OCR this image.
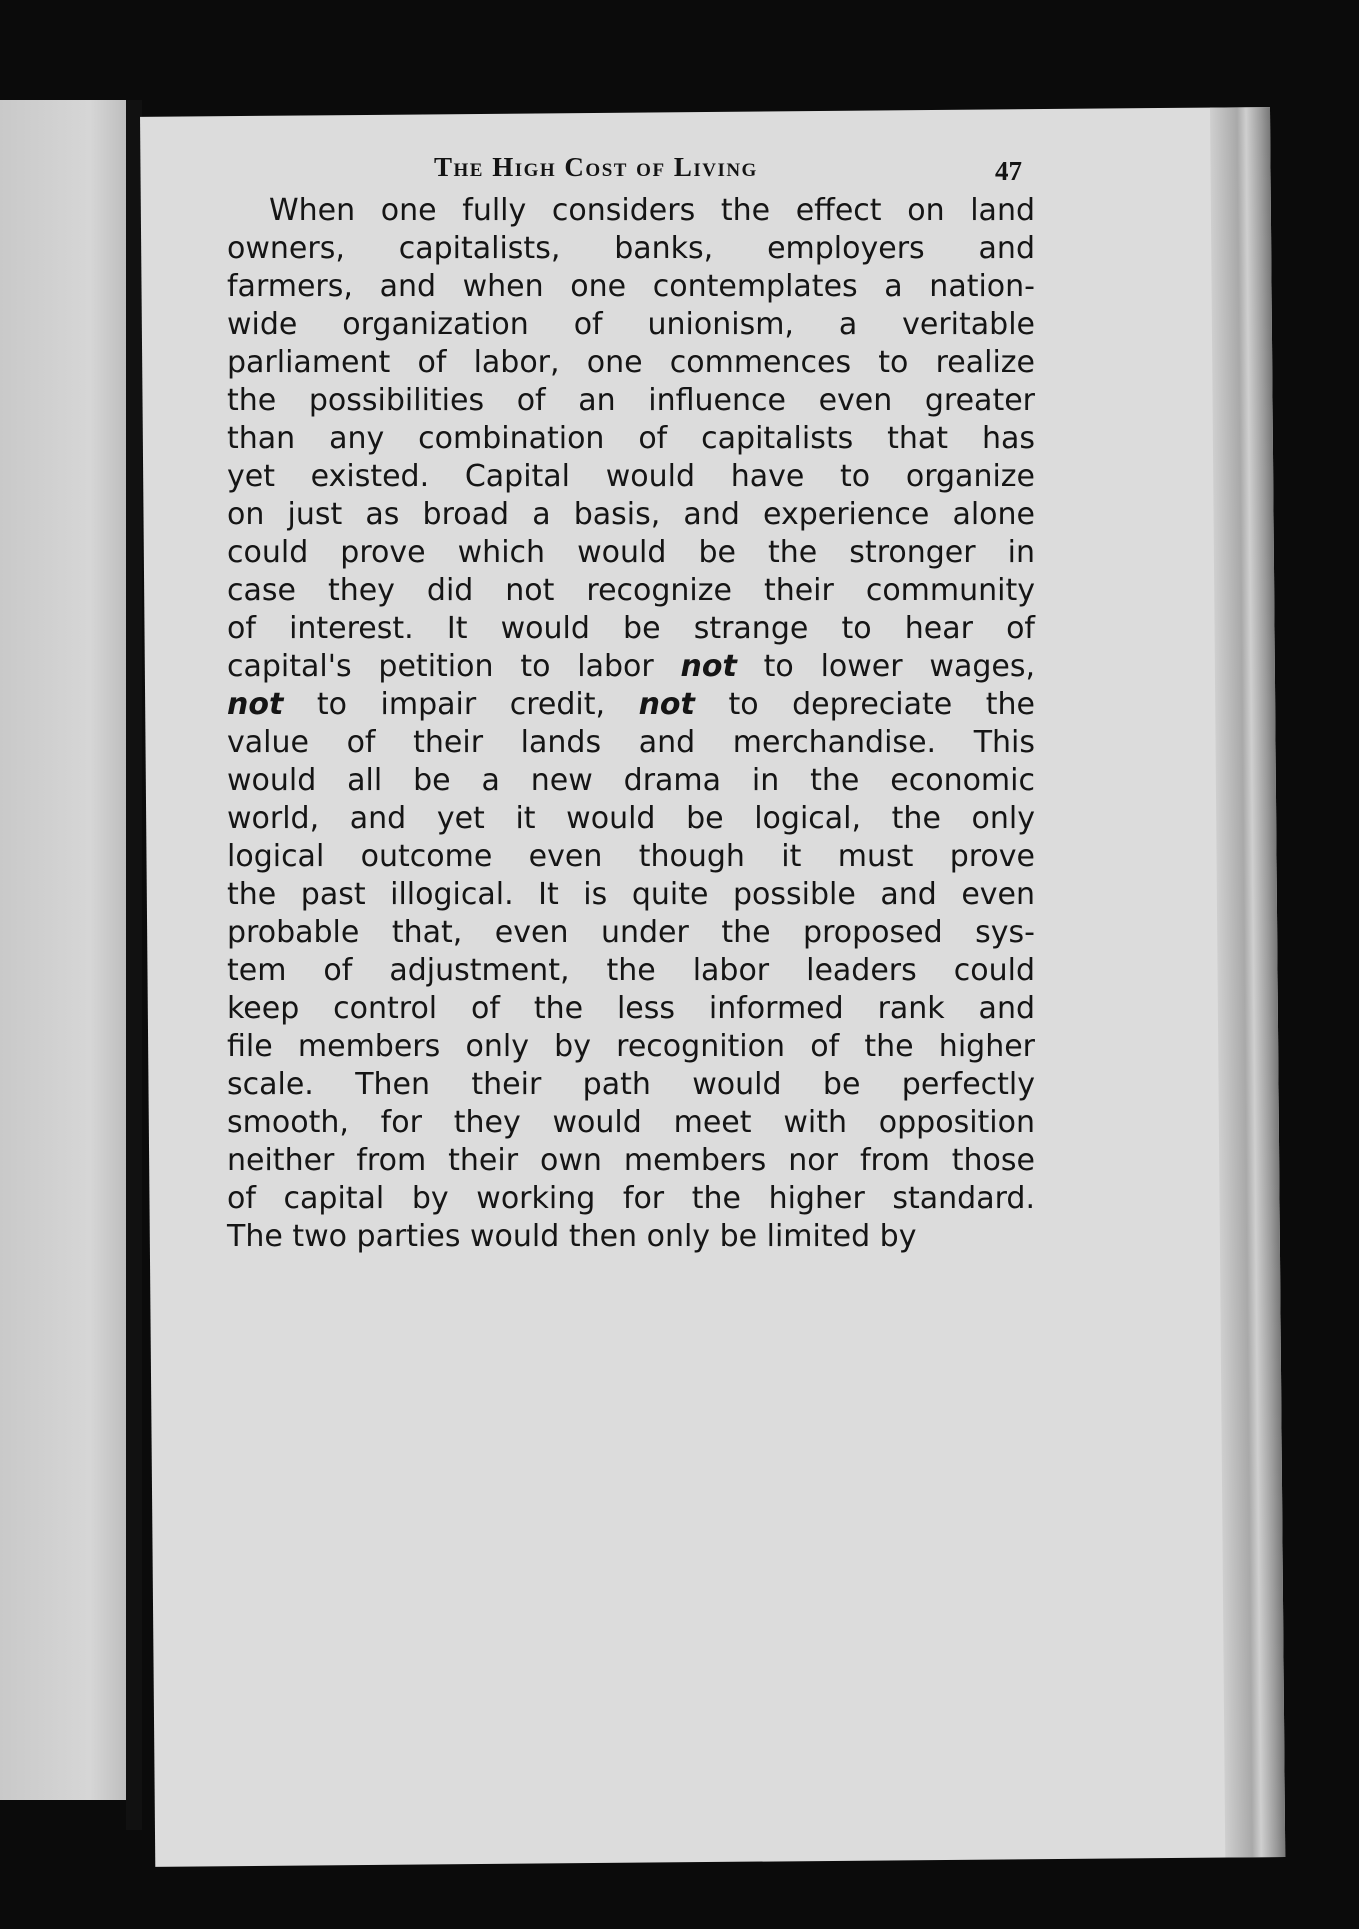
The High Cost of Living	47
When one fully considers the effect on land
owners, capitalists, banks, employers and
farmers, and when one contemplates a nation-
wide organization of unionism, a veritable
parliament of labor, one commences to realize
the possibilities of an influence even greater
than any combination of capitalists that has
yet existed. Capital would have to organize
on just as broad a basis, and experience alone
could prove which would be the stronger in
case they did not recognize their community
of interest. It would be strange to hear of
capital's petition to labor not to lower wages,
not to impair credit, not to depreciate the
value of their lands and merchandise. This
would all be a new drama in the economic
world, and yet it would be logical, the only
logical outcome even though it must prove
the past illogical. It is quite possible and even
probable that, even under the proposed sys-
tem of adjustment, the labor leaders could
keep control of the less informed rank and
file members only by recognition of the higher
scale. Then their path would be perfectly
smooth, for they would meet with opposition
neither from their own members nor from those
of capital by working for the higher standard.
The two parties would then only be limited by
